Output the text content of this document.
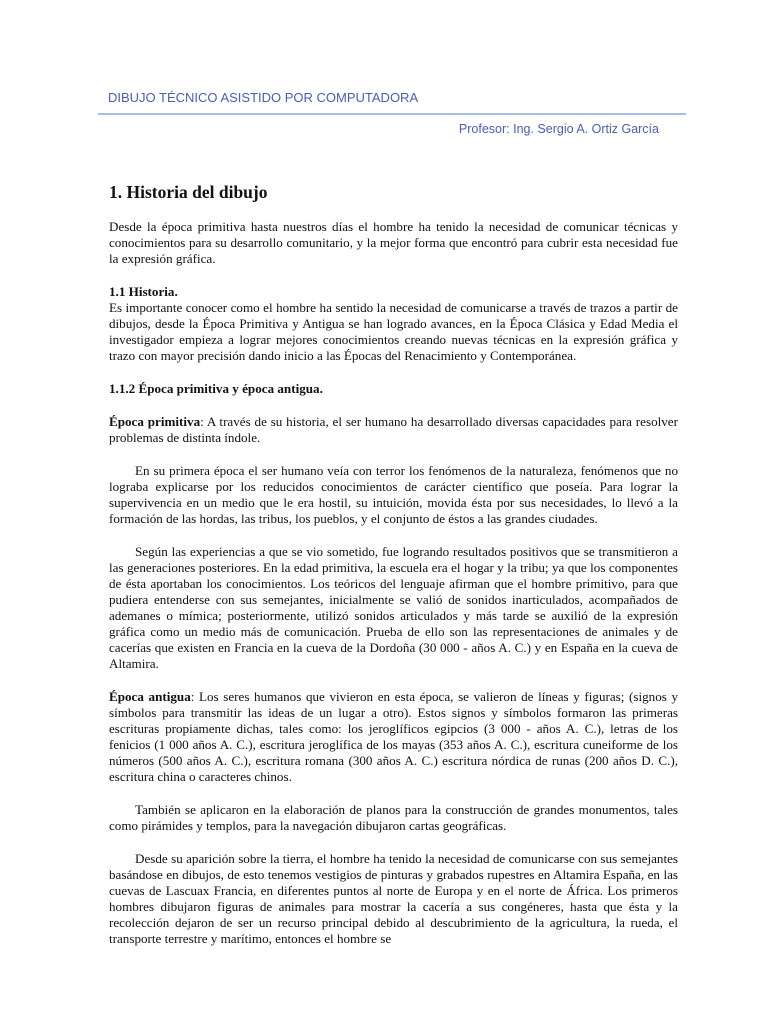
DIBUJO TÉCNICO ASISTIDO POR COMPUTADORA
Profesor: Ing. Sergio A. Ortiz García
1. Historia del dibujo

Desde la época primitiva hasta nuestros días el hombre ha tenido la necesidad de comunicar técnicas y conocimientos para su desarrollo comunitario, y la mejor forma que encontró para cubrir esta necesidad fue la expresión gráfica.

1.1 Historia.

Es importante conocer como el hombre ha sentido la necesidad de comunicarse a través de trazos a partir de dibujos, desde la Época Primitiva y Antigua se han logrado avances, en la Época Clásica y Edad Media el investigador empieza a lograr mejores conocimientos creando nuevas técnicas en la expresión gráfica y trazo con mayor precisión dando inicio a las Épocas del Renacimiento y Contemporánea.

1.1.2 Época primitiva y época antigua.

Época primitiva: A través de su historia, el ser humano ha desarrollado diversas capacidades para resolver problemas de distinta índole.

En su primera época el ser humano veía con terror los fenómenos de la naturaleza, fenómenos que no lograba explicarse por los reducidos conocimientos de carácter científico que poseía. Para lograr la supervivencia en un medio que le era hostil, su intuición, movida ésta por sus necesidades, lo llevó a la formación de las hordas, las tribus, los pueblos, y el conjunto de éstos a las grandes ciudades.

Según las experiencias a que se vio sometido, fue logrando resultados positivos que se transmitieron a las generaciones posteriores. En la edad primitiva, la escuela era el hogar y la tribu; ya que los componentes de ésta aportaban los conocimientos. Los teóricos del lenguaje afirman que el hombre primitivo, para que pudiera entenderse con sus semejantes, inicialmente se valió de sonidos inarticulados, acompañados de ademanes o mímica; posteriormente, utilizó sonidos articulados y más tarde se auxilió de la expresión gráfica como un medio más de comunicación. Prueba de ello son las representaciones de animales y de cacerías que existen en Francia en la cueva de la Dordoña (30 000 - años A. C.) y en España en la cueva de Altamira.

Época antigua: Los seres humanos que vivieron en esta época, se valieron de líneas y figuras; (signos y símbolos para transmitir las ideas de un lugar a otro). Estos signos y símbolos formaron las primeras escrituras propiamente dichas, tales como: los jeroglíficos egipcios (3 000 - años A. C.), letras de los fenicios (1 000 años A. C.), escritura jeroglífica de los mayas (353 años A. C.), escritura cuneiforme de los números (500 años A. C.), escritura romana (300 años A. C.) escritura nórdica de runas (200 años D. C.), escritura china o caracteres chinos.

También se aplicaron en la elaboración de planos para la construcción de grandes monumentos, tales como pirámides y templos, para la navegación dibujaron cartas geográficas.

Desde su aparición sobre la tierra, el hombre ha tenido la necesidad de comunicarse con sus semejantes basándose en dibujos, de esto tenemos vestigios de pinturas y grabados rupestres en Altamira España, en las cuevas de Lascuax Francia, en diferentes puntos al norte de Europa y en el norte de África. Los primeros hombres dibujaron figuras de animales para mostrar la cacería a sus congéneres, hasta que ésta y la recolección dejaron de ser un recurso principal debido al descubrimiento de la agricultura, la rueda, el transporte terrestre y marítimo, entonces el hombre se
